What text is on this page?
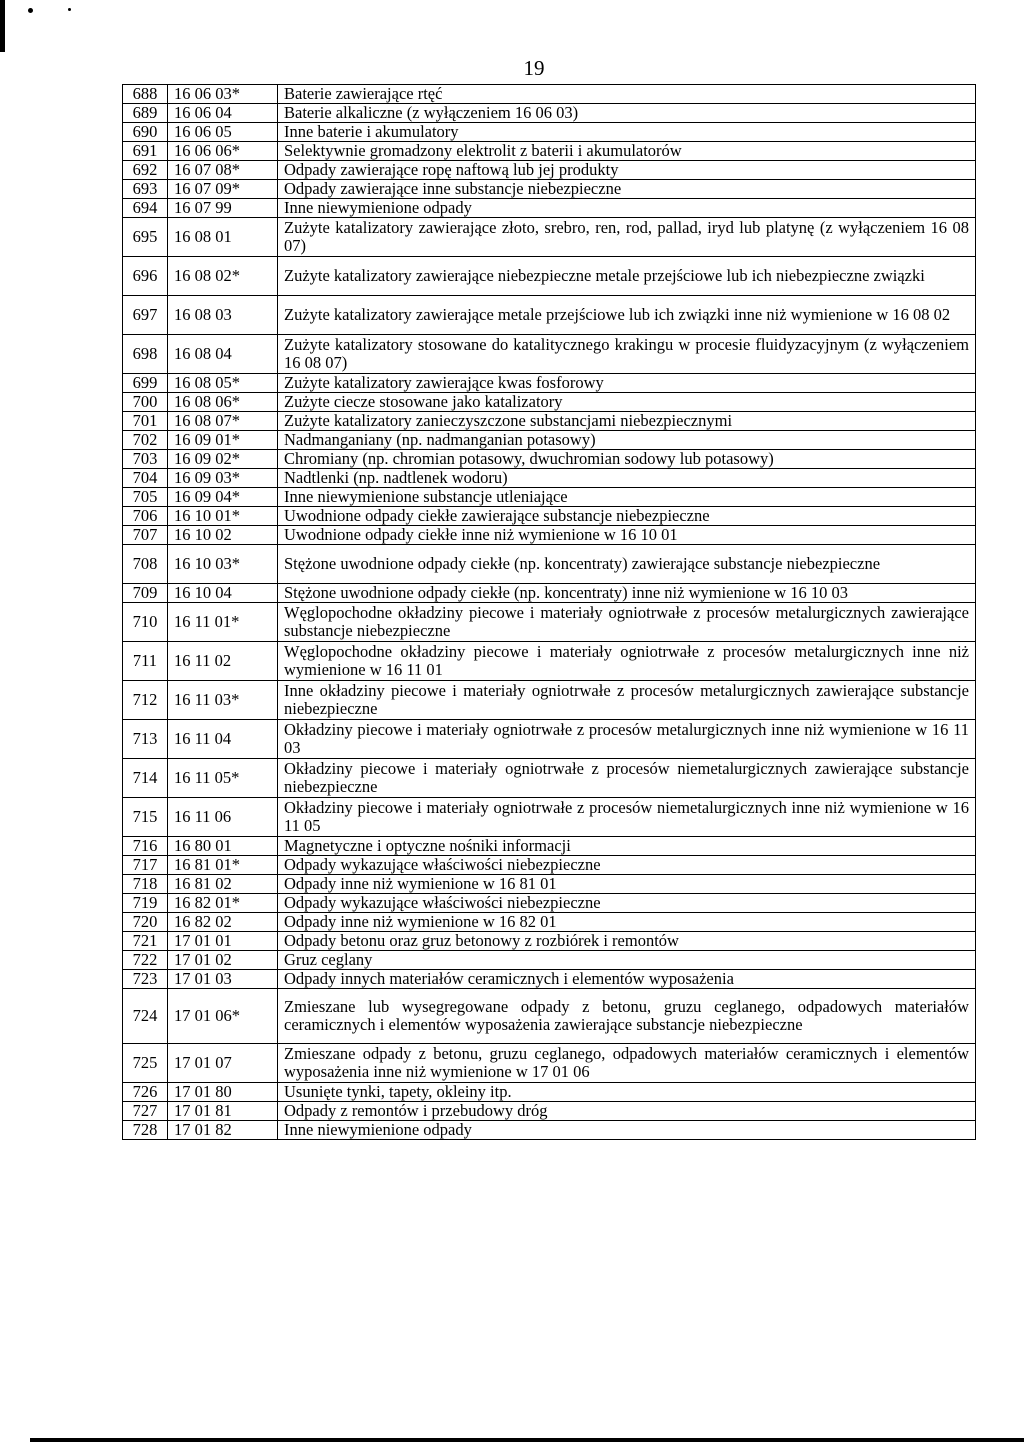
19
688	16 06 03*	Baterie zawierające rtęć
689	16 06 04	Baterie alkaliczne (z wyłączeniem 16 06 03)
690	16 06 05	Inne baterie i akumulatory
691	16 06 06*	Selektywnie gromadzony elektrolit z baterii i akumulatorów
692	16 07 08*	Odpady zawierające ropę naftową lub jej produkty
693	16 07 09*	Odpady zawierające inne substancje niebezpieczne
694	16 07 99	Inne niewymienione odpady
695	16 08 01	Zużyte katalizatory zawierające złoto, srebro, ren, rod, pallad, iryd lub platynę (z wyłączeniem 16 08 07)
696	16 08 02*	Zużyte katalizatory zawierające niebezpieczne metale przejściowe lub ich niebezpieczne związki
697	16 08 03	Zużyte katalizatory zawierające metale przejściowe lub ich związki inne niż wymienione w 16 08 02
698	16 08 04	Zużyte katalizatory stosowane do katalitycznego krakingu w procesie fluidyzacyjnym (z wyłączeniem 16 08 07)
699	16 08 05*	Zużyte katalizatory zawierające kwas fosforowy
700	16 08 06*	Zużyte ciecze stosowane jako katalizatory
701	16 08 07*	Zużyte katalizatory zanieczyszczone substancjami niebezpiecznymi
702	16 09 01*	Nadmanganiany (np. nadmanganian potasowy)
703	16 09 02*	Chromiany (np. chromian potasowy, dwuchromian sodowy lub potasowy)
704	16 09 03*	Nadtlenki (np. nadtlenek wodoru)
705	16 09 04*	Inne niewymienione substancje utleniające
706	16 10 01*	Uwodnione odpady ciekłe zawierające substancje niebezpieczne
707	16 10 02	Uwodnione odpady ciekłe inne niż wymienione w 16 10 01
708	16 10 03*	Stężone uwodnione odpady ciekłe (np. koncentraty) zawierające substancje niebezpieczne
709	16 10 04	Stężone uwodnione odpady ciekłe (np. koncentraty) inne niż wymienione w 16 10 03
710	16 11 01*	Węglopochodne okładziny piecowe i materiały ogniotrwałe z procesów metalurgicznych zawierające substancje niebezpieczne
711	16 11 02	Węglopochodne okładziny piecowe i materiały ogniotrwałe z procesów metalurgicznych inne niż wymienione w 16 11 01
712	16 11 03*	Inne okładziny piecowe i materiały ogniotrwałe z procesów metalurgicznych zawierające substancje niebezpieczne
713	16 11 04	Okładziny piecowe i materiały ogniotrwałe z procesów metalurgicznych inne niż wymienione w 16 11 03
714	16 11 05*	Okładziny piecowe i materiały ogniotrwałe z procesów niemetalurgicznych zawierające substancje niebezpieczne
715	16 11 06	Okładziny piecowe i materiały ogniotrwałe z procesów niemetalurgicznych inne niż wymienione w 16 11 05
716	16 80 01	Magnetyczne i optyczne nośniki informacji
717	16 81 01*	Odpady wykazujące właściwości niebezpieczne
718	16 81 02	Odpady inne niż wymienione w 16 81 01
719	16 82 01*	Odpady wykazujące właściwości niebezpieczne
720	16 82 02	Odpady inne niż wymienione w 16 82 01
721	17 01 01	Odpady betonu oraz gruz betonowy z rozbiórek i remontów
722	17 01 02	Gruz ceglany
723	17 01 03	Odpady innych materiałów ceramicznych i elementów wyposażenia
724	17 01 06*	Zmieszane lub wysegregowane odpady z betonu, gruzu ceglanego, odpadowych materiałów ceramicznych i elementów wyposażenia zawierające substancje niebezpieczne
725	17 01 07	Zmieszane odpady z betonu, gruzu ceglanego, odpadowych materiałów ceramicznych i elementów wyposażenia inne niż wymienione w 17 01 06
726	17 01 80	Usunięte tynki, tapety, okleiny itp.
727	17 01 81	Odpady z remontów i przebudowy dróg
728	17 01 82	Inne niewymienione odpady
